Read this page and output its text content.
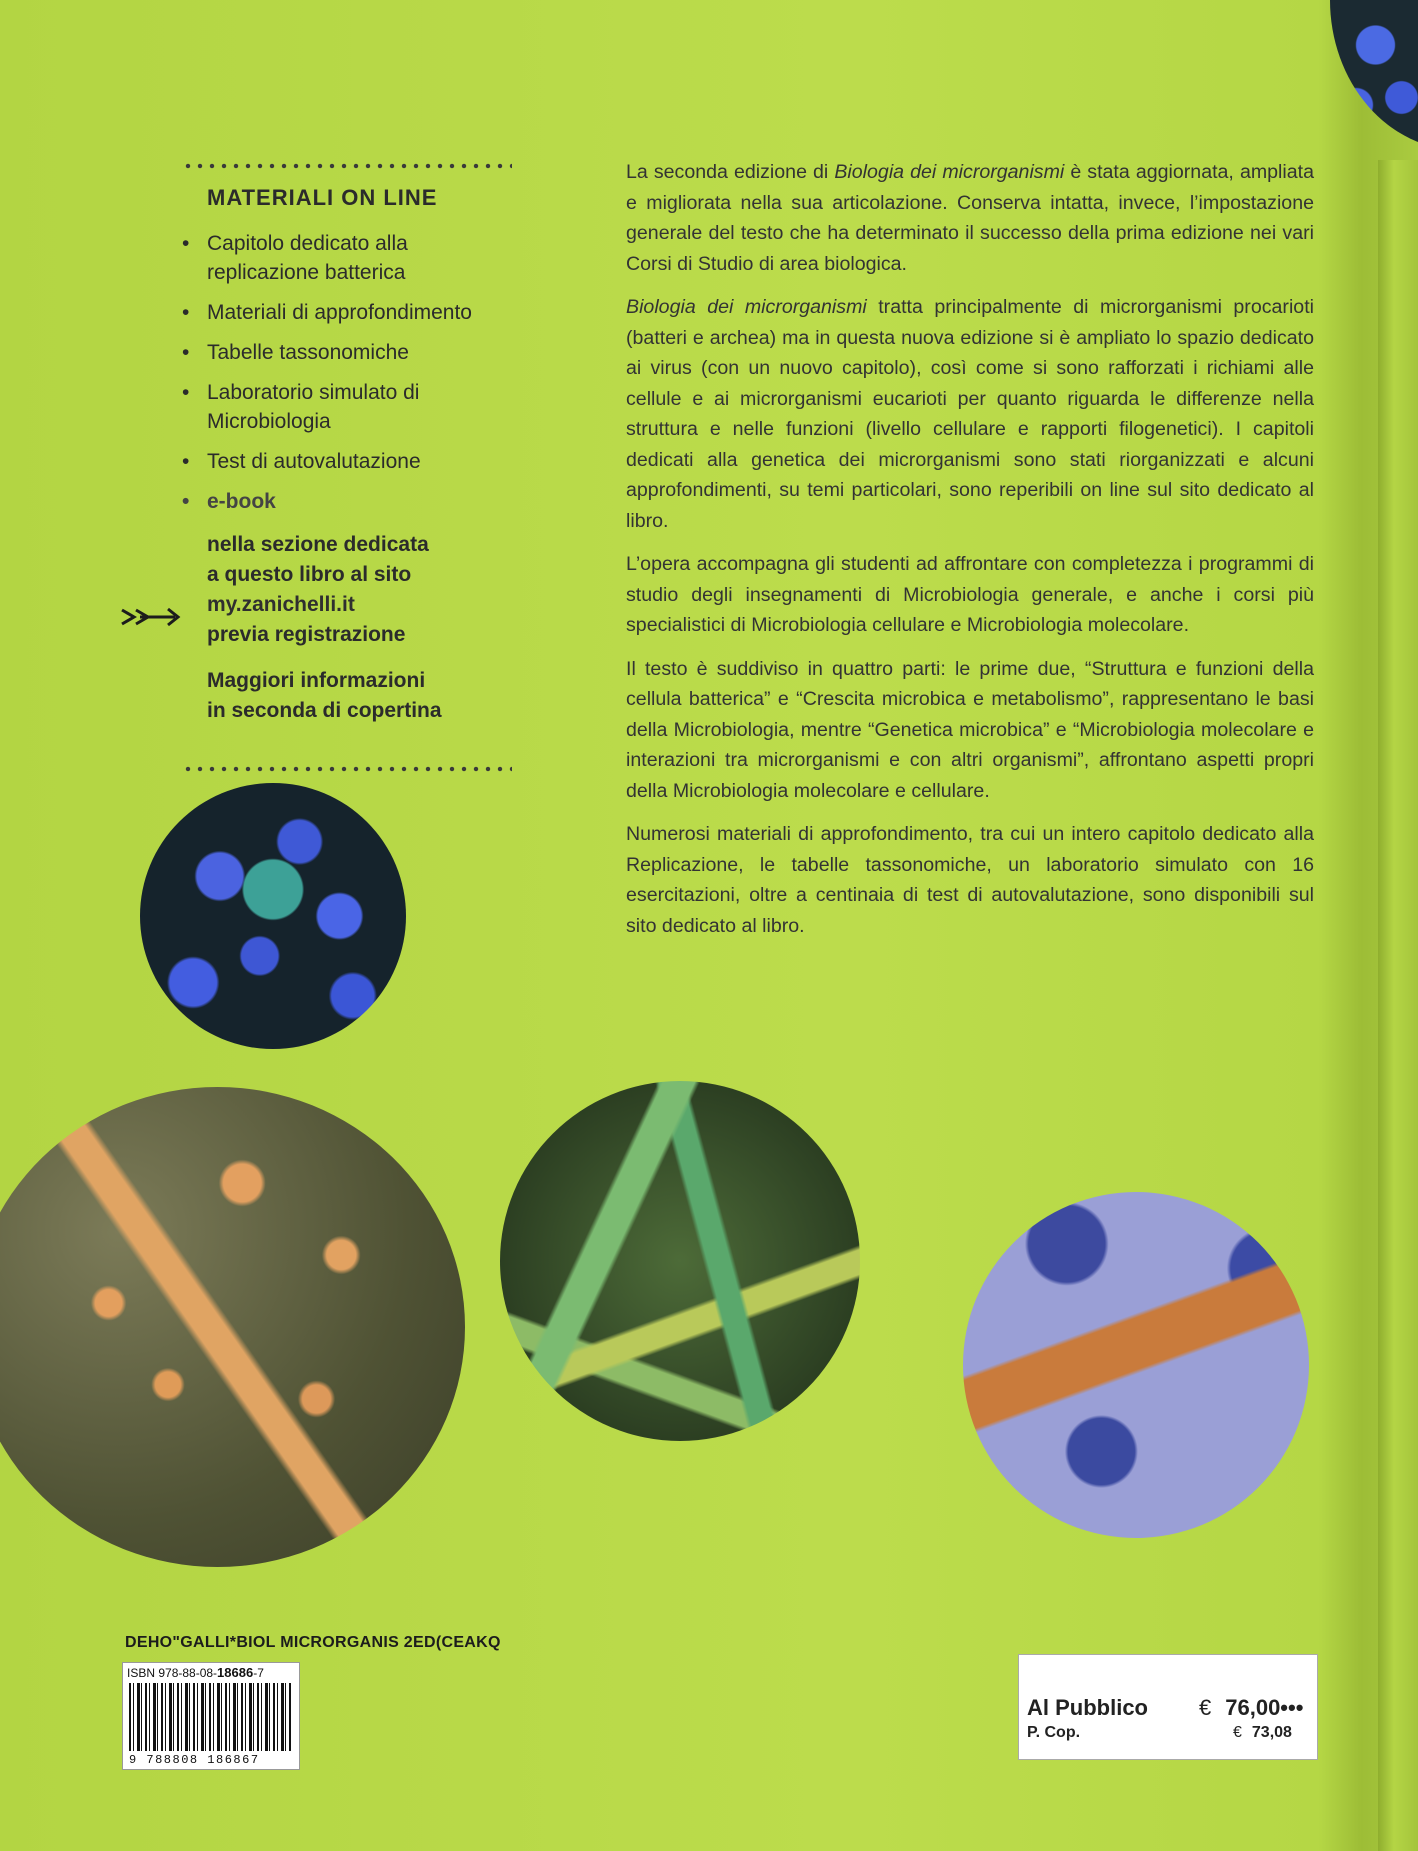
MATERIALI ON LINE
• Capitolo dedicato alla replicazione batterica
• Materiali di approfondimento
• Tabelle tassonomiche
• Laboratorio simulato di Microbiologia
• Test di autovalutazione
• e-book
nella sezione dedicata
a questo libro al sito
my.zanichelli.it
previa registrazione
Maggiori informazioni
in seconda di copertina

La seconda edizione di Biologia dei microrganismi è stata aggiornata, ampliata e migliorata nella sua articolazione. Conserva intatta, invece, l’impostazione generale del testo che ha determinato il successo della prima edizione nei vari Corsi di Studio di area biologica.

Biologia dei microrganismi tratta principalmente di microrganismi procarioti (batteri e archea) ma in questa nuova edizione si è ampliato lo spazio dedicato ai virus (con un nuovo capitolo), così come si sono rafforzati i richiami alle cellule e ai microrganismi eucarioti per quanto riguarda le differenze nella struttura e nelle funzioni (livello cellulare e rapporti filogenetici). I capitoli dedicati alla genetica dei microrganismi sono stati riorganizzati e alcuni approfondimenti, su temi particolari, sono reperibili on line sul sito dedicato al libro.

L’opera accompagna gli studenti ad affrontare con completezza i programmi di studio degli insegnamenti di Microbiologia generale, e anche i corsi più specialistici di Microbiologia cellulare e Microbiologia molecolare.

Il testo è suddiviso in quattro parti: le prime due, “Struttura e funzioni della cellula batterica” e “Crescita microbica e metabolismo”, rappresentano le basi della Microbiologia, mentre “Genetica microbica” e “Microbiologia molecolare e interazioni tra microrganismi e con altri organismi”, affrontano aspetti propri della Microbiologia molecolare e cellulare.

Numerosi materiali di approfondimento, tra cui un intero capitolo dedicato alla Replicazione, le tabelle tassonomiche, un laboratorio simulato con 16 esercitazioni, oltre a centinaia di test di autovalutazione, sono disponibili sul sito dedicato al libro.

DEHO"GALLI*BIOL MICRORGANIS 2ED(CEAKQ
ISBN 978-88-08-18686-7
9 788808 186867
Al Pubblico € 76,00•••
P. Cop.	€ 73,08
